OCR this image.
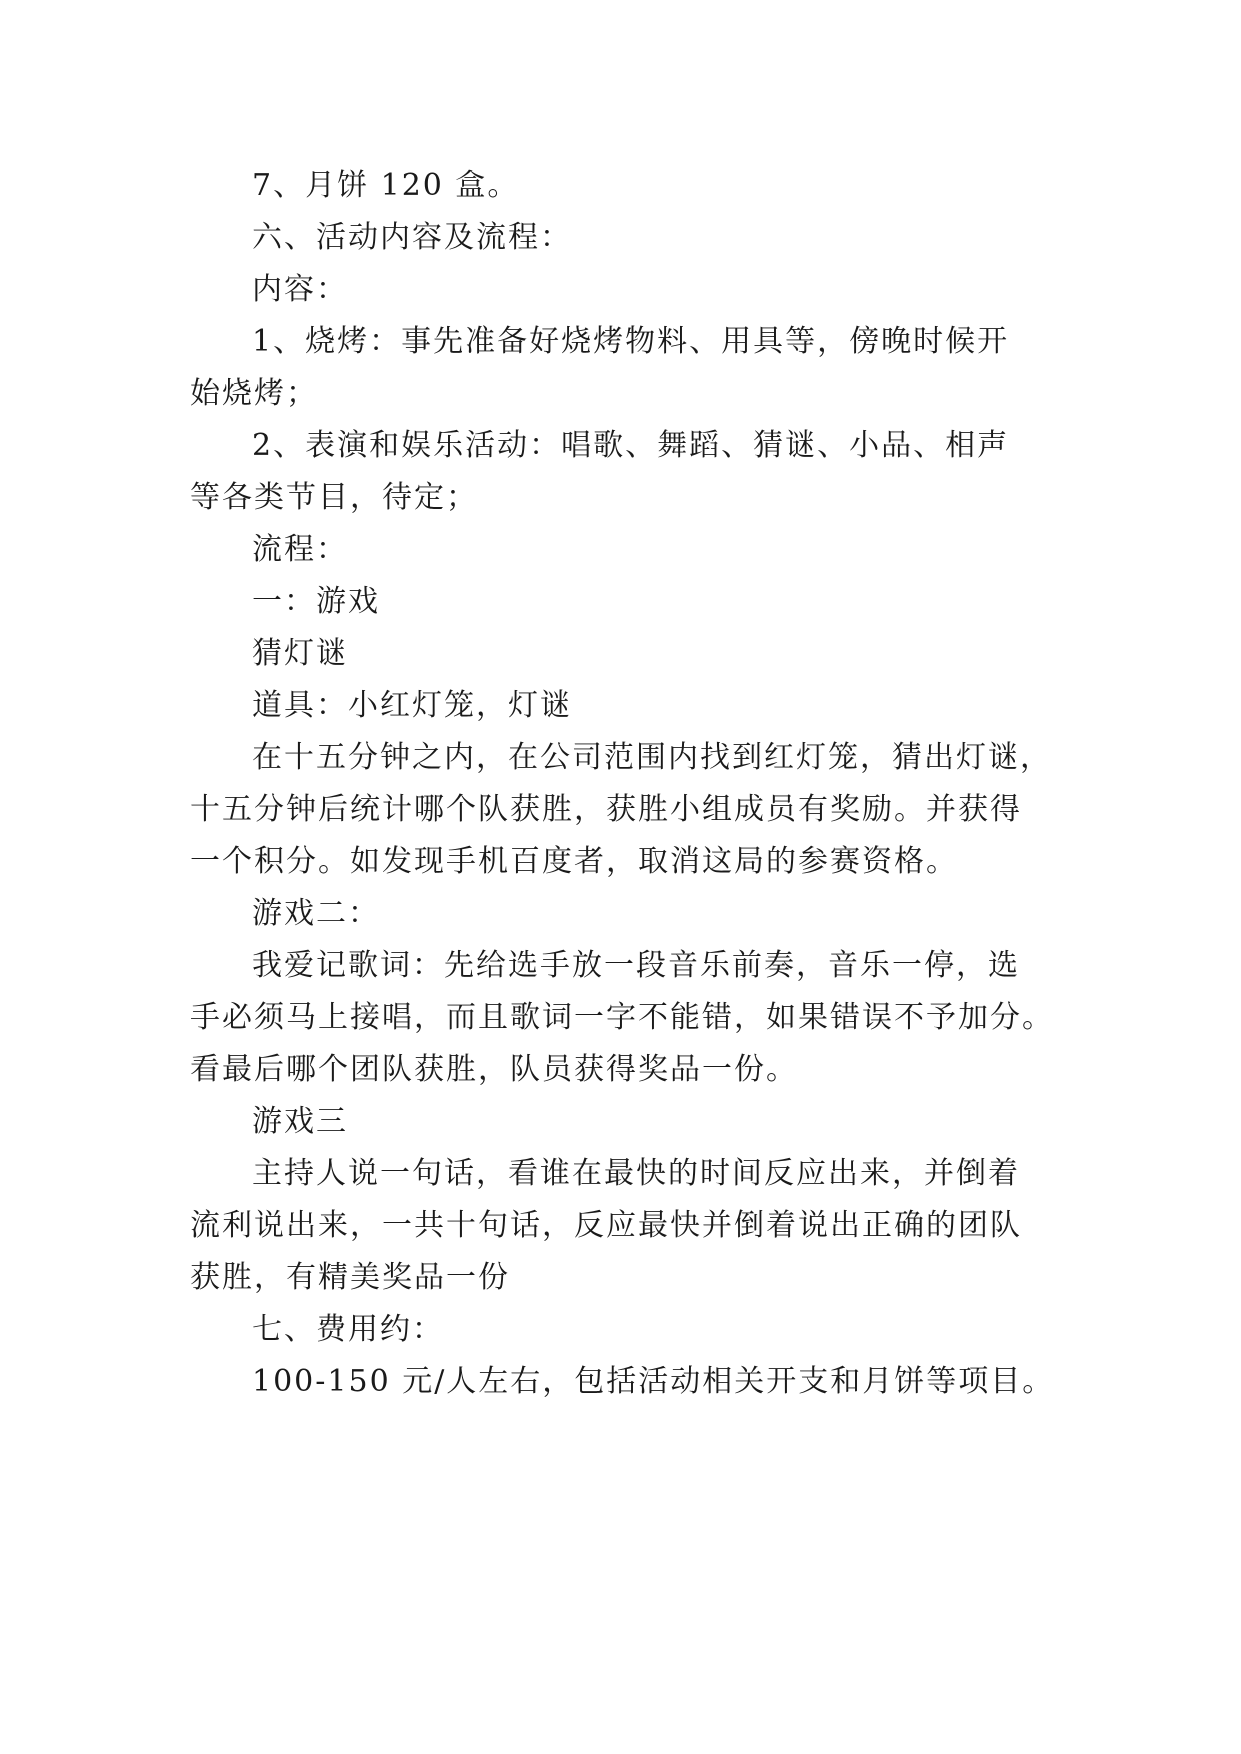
7、月饼 120 盒。
六、活动内容及流程：
内容：
1、烧烤：事先准备好烧烤物料、用具等，傍晚时候开
始烧烤；
2、表演和娱乐活动：唱歌、舞蹈、猜谜、小品、相声
等各类节目，待定；
流程：
一：游戏
猜灯谜
道具：小红灯笼，灯谜
在十五分钟之内，在公司范围内找到红灯笼，猜出灯谜，
十五分钟后统计哪个队获胜，获胜小组成员有奖励。并获得
一个积分。如发现手机百度者，取消这局的参赛资格。
游戏二：
我爱记歌词：先给选手放一段音乐前奏，音乐一停，选
手必须马上接唱，而且歌词一字不能错，如果错误不予加分。
看最后哪个团队获胜，队员获得奖品一份。
游戏三
主持人说一句话，看谁在最快的时间反应出来，并倒着
流利说出来，一共十句话，反应最快并倒着说出正确的团队
获胜，有精美奖品一份
七、费用约：
100-150 元/人左右，包括活动相关开支和月饼等项目。
